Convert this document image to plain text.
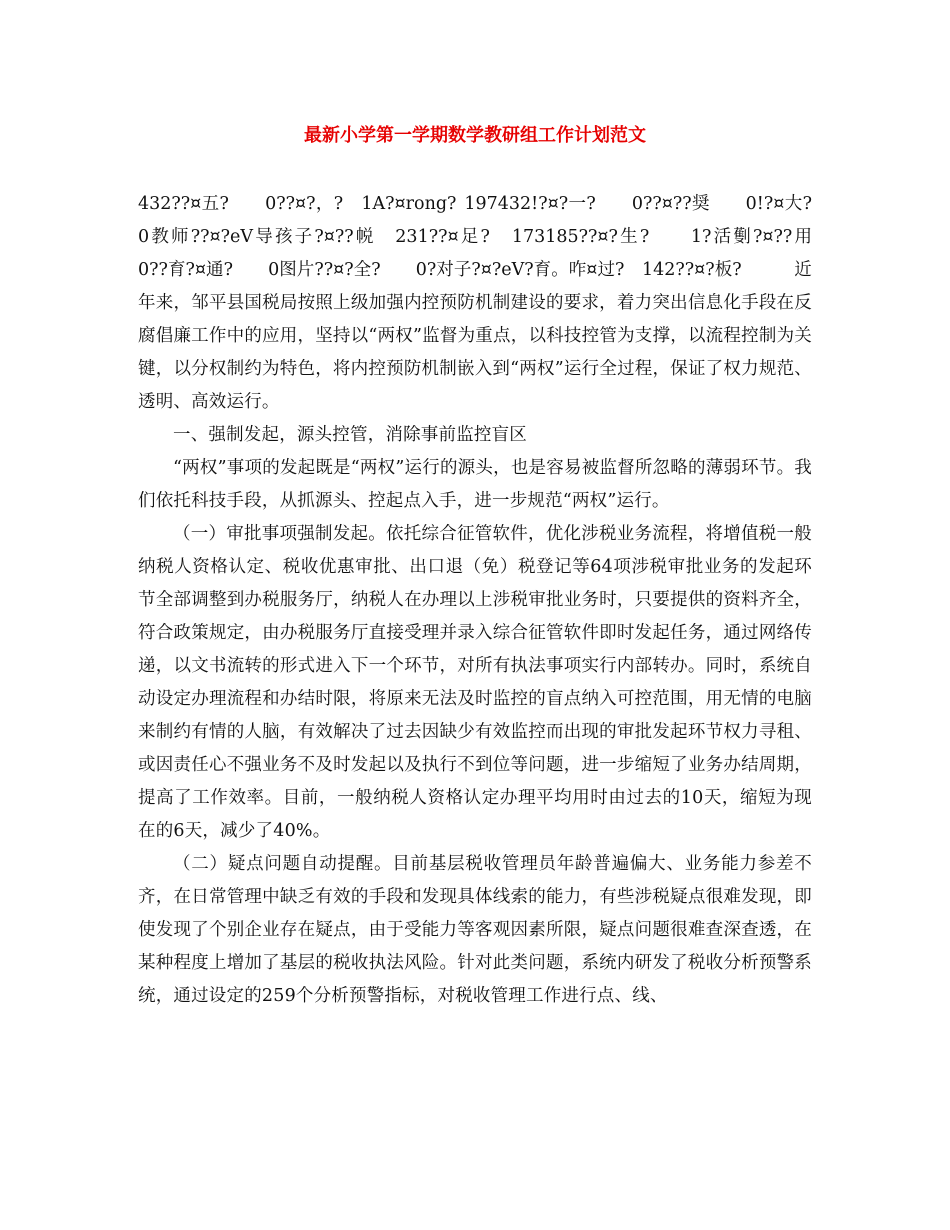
最新小学第一学期数学教研组工作计划范文

432??¤五?　　0??¤?，?　1A?¤rong? 197432!?¤?一?　　0??¤??奨　　0!?¤大?　0教师??¤?eV导孩子?¤??帨　231??¤足?　173185??¤?生?　　1?活劐?¤??用　　0??育?¤通?　　0图片??¤?全?　　0?对子?¤?eV?育。咋¤过?　142??¤?板?　　　近年来，邹平县国税局按照上级加强内控预防机制建设的要求，着力突出信息化手段在反腐倡廉工作中的应用，坚持以“两权”监督为重点，以科技控管为支撑，以流程控制为关键，以分权制约为特色，将内控预防机制嵌入到“两权”运行全过程，保证了权力规范、透明、高效运行。

一、强制发起，源头控管，消除事前监控盲区

“两权”事项的发起既是“两权”运行的源头，也是容易被监督所忽略的薄弱环节。我们依托科技手段，从抓源头、控起点入手，进一步规范“两权”运行。

（一）审批事项强制发起。依托综合征管软件，优化涉税业务流程，将增值税一般纳税人资格认定、税收优惠审批、出口退（免）税登记等64项涉税审批业务的发起环节全部调整到办税服务厅，纳税人在办理以上涉税审批业务时，只要提供的资料齐全，符合政策规定，由办税服务厅直接受理并录入综合征管软件即时发起任务，通过网络传递，以文书流转的形式进入下一个环节，对所有执法事项实行内部转办。同时，系统自动设定办理流程和办结时限，将原来无法及时监控的盲点纳入可控范围，用无情的电脑来制约有情的人脑，有效解决了过去因缺少有效监控而出现的审批发起环节权力寻租、或因责任心不强业务不及时发起以及执行不到位等问题，进一步缩短了业务办结周期，提高了工作效率。目前，一般纳税人资格认定办理平均用时由过去的10天，缩短为现在的6天，减少了40%。

（二）疑点问题自动提醒。目前基层税收管理员年龄普遍偏大、业务能力参差不齐，在日常管理中缺乏有效的手段和发现具体线索的能力，有些涉税疑点很难发现，即使发现了个别企业存在疑点，由于受能力等客观因素所限，疑点问题很难查深查透，在某种程度上增加了基层的税收执法风险。针对此类问题，系统内研发了税收分析预警系统，通过设定的259个分析预警指标，对税收管理工作进行点、线、
